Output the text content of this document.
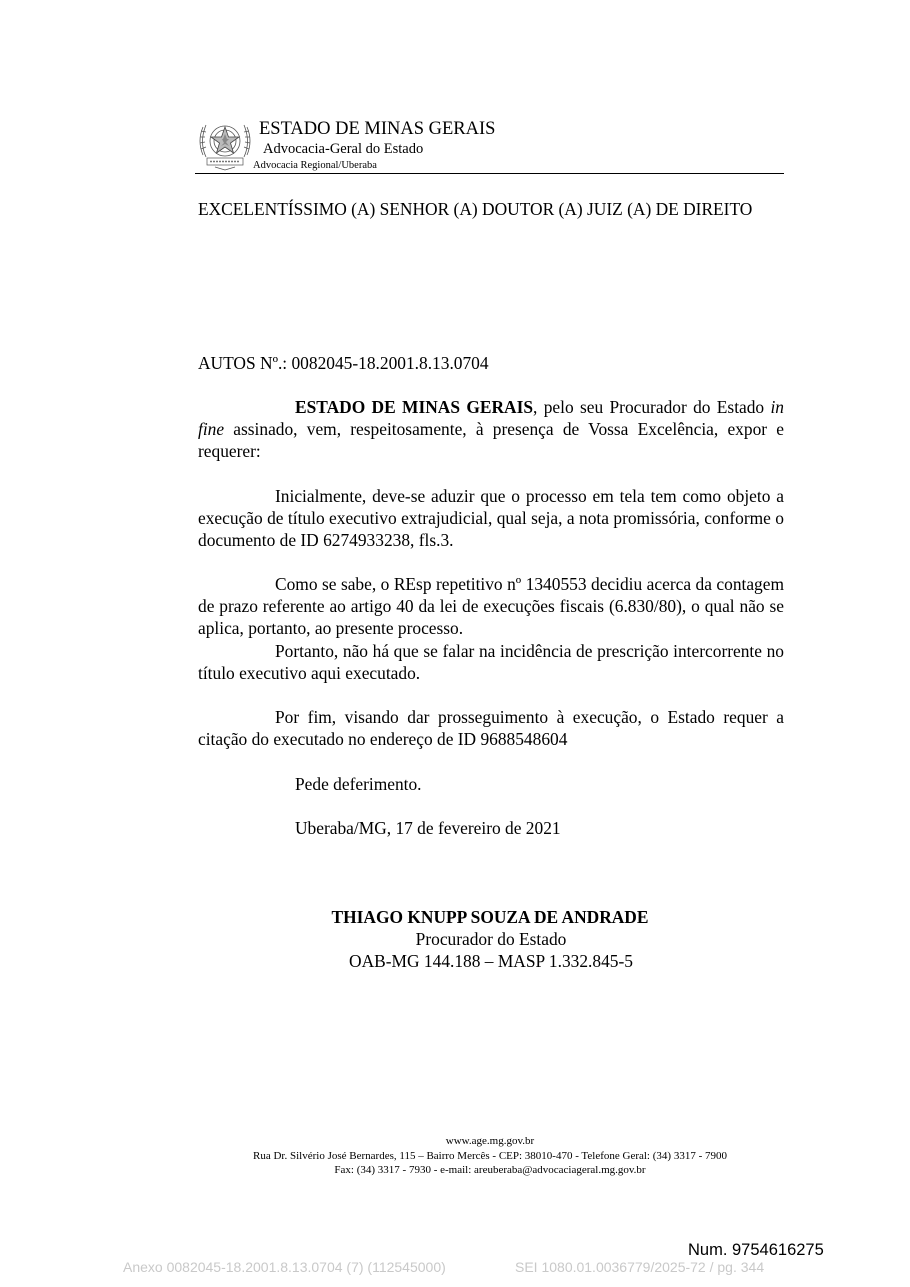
ESTADO DE MINAS GERAIS
Advocacia-Geral do Estado
Advocacia Regional/Uberaba

EXCELENTÍSSIMO (A) SENHOR (A) DOUTOR (A) JUIZ (A) DE DIREITO

AUTOS Nº.: 0082045-18.2001.8.13.0704

ESTADO DE MINAS GERAIS, pelo seu Procurador do Estado in fine assinado, vem, respeitosamente, à presença de Vossa Excelência, expor e requerer:

Inicialmente, deve-se aduzir que o processo em tela tem como objeto a execução de título executivo extrajudicial, qual seja, a nota promissória, conforme o documento de ID 6274933238, fls.3.

Como se sabe, o REsp repetitivo nº 1340553 decidiu acerca da contagem de prazo referente ao artigo 40 da lei de execuções fiscais (6.830/80), o qual não se aplica, portanto, ao presente processo.

Portanto, não há que se falar na incidência de prescrição intercorrente no título executivo aqui executado.

Por fim, visando dar prosseguimento à execução, o Estado requer a citação do executado no endereço de ID 9688548604

Pede deferimento.

Uberaba/MG, 17 de fevereiro de 2021

THIAGO KNUPP SOUZA DE ANDRADE
Procurador do Estado
OAB-MG 144.188 – MASP 1.332.845-5
www.age.mg.gov.br
Rua Dr. Silvério José Bernardes, 115 – Bairro Mercês - CEP: 38010-470 - Telefone Geral: (34) 3317 - 7900
Fax: (34) 3317 - 7930 - e-mail: areuberaba@advocaciageral.mg.gov.br
Num. 9754616275
Anexo 0082045-18.2001.8.13.0704 (7) (112545000)	SEI 1080.01.0036779/2025-72 / pg. 344
